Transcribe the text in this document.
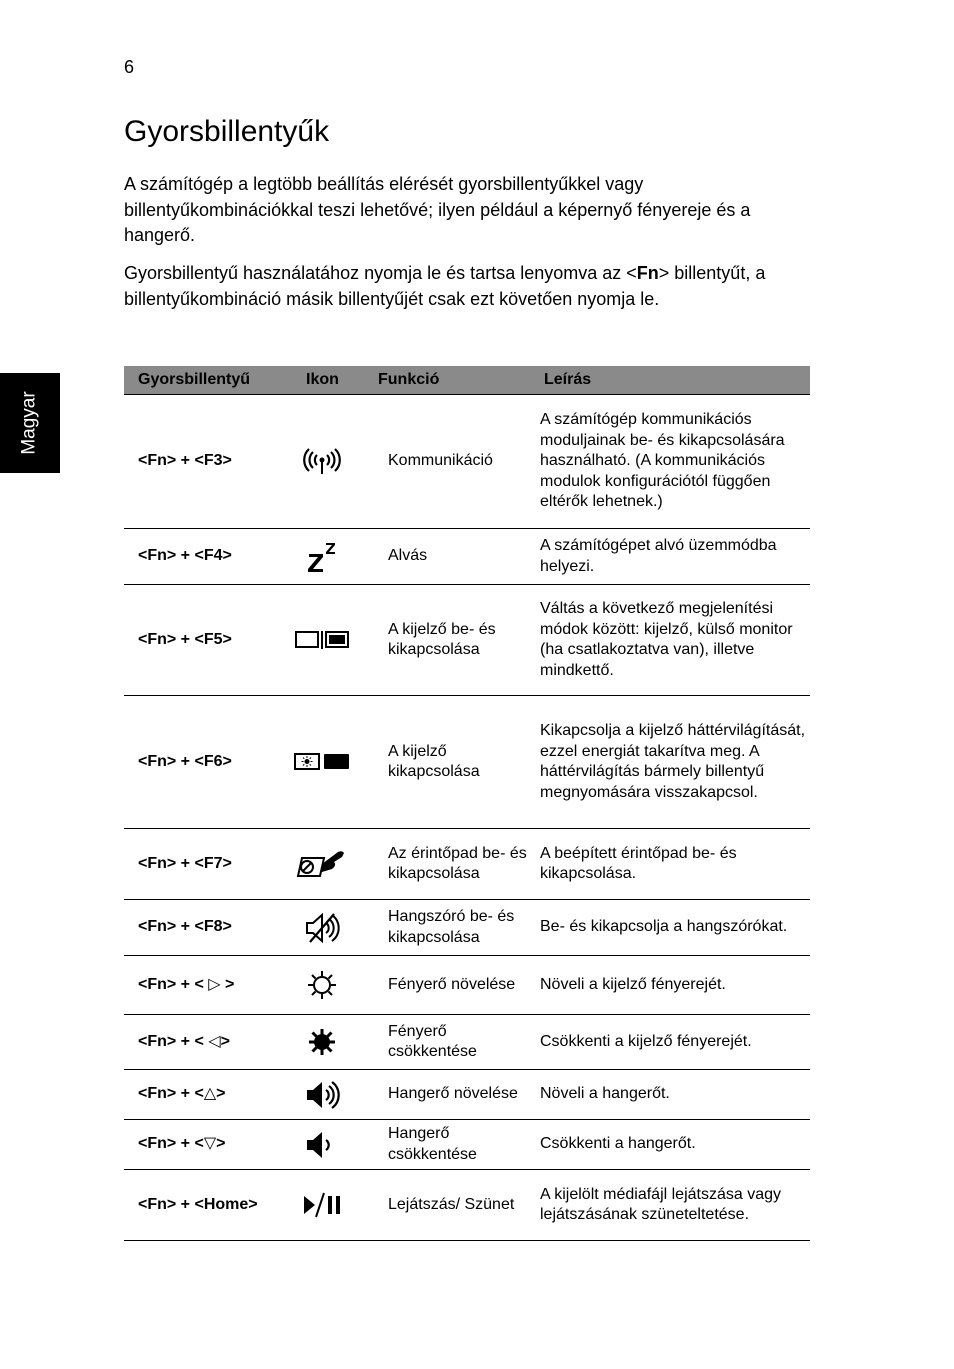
6
Gyorsbillentyűk

A számítógép a legtöbb beállítás elérését gyorsbillentyűkkel vagy billentyűkombinációkkal teszi lehetővé; ilyen például a képernyő fényereje és a hangerő.

Gyorsbillentyű használatához nyomja le és tartsa lenyomva az <Fn> billentyűt, a billentyűkombináció másik billentyűjét csak ezt követően nyomja le.

Magyar
Gyorsbillentyű	Ikon	Funkció	Leírás
<Fn> + <F3>		Kommunikáció	A számítógép kommunikációs moduljainak be- és kikapcsolására használható. (A kommunikációs modulok konfigurációtól függően eltérők lehetnek.)
<Fn> + <F4>		Alvás	A számítógépet alvó üzemmódba helyezi.
<Fn> + <F5>		A kijelző be- és kikapcsolása	Váltás a következő megjelenítési módok között: kijelző, külső monitor (ha csatlakoztatva van), illetve mindkettő.
<Fn> + <F6>		A kijelző kikapcsolása	Kikapcsolja a kijelző háttérvilágítását, ezzel energiát takarítva meg. A háttérvilágítás bármely billentyű megnyomására visszakapcsol.
<Fn> + <F7>		Az érintőpad be- és kikapcsolása	A beépített érintőpad be- és kikapcsolása.
<Fn> + <F8>		Hangszóró be- és kikapcsolása	Be- és kikapcsolja a hangszórókat.
<Fn> + < ▷ >		Fényerő növelése	Növeli a kijelző fényerejét.
<Fn> + < ◁>		Fényerő csökkentése	Csökkenti a kijelző fényerejét.
<Fn> + <△>		Hangerő növelése	Növeli a hangerőt.
<Fn> + <▽>		Hangerő csökkentése	Csökkenti a hangerőt.
<Fn> + <Home>		Lejátszás/ Szünet	A kijelölt médiafájl lejátszása vagy lejátszásának szüneteltetése.
